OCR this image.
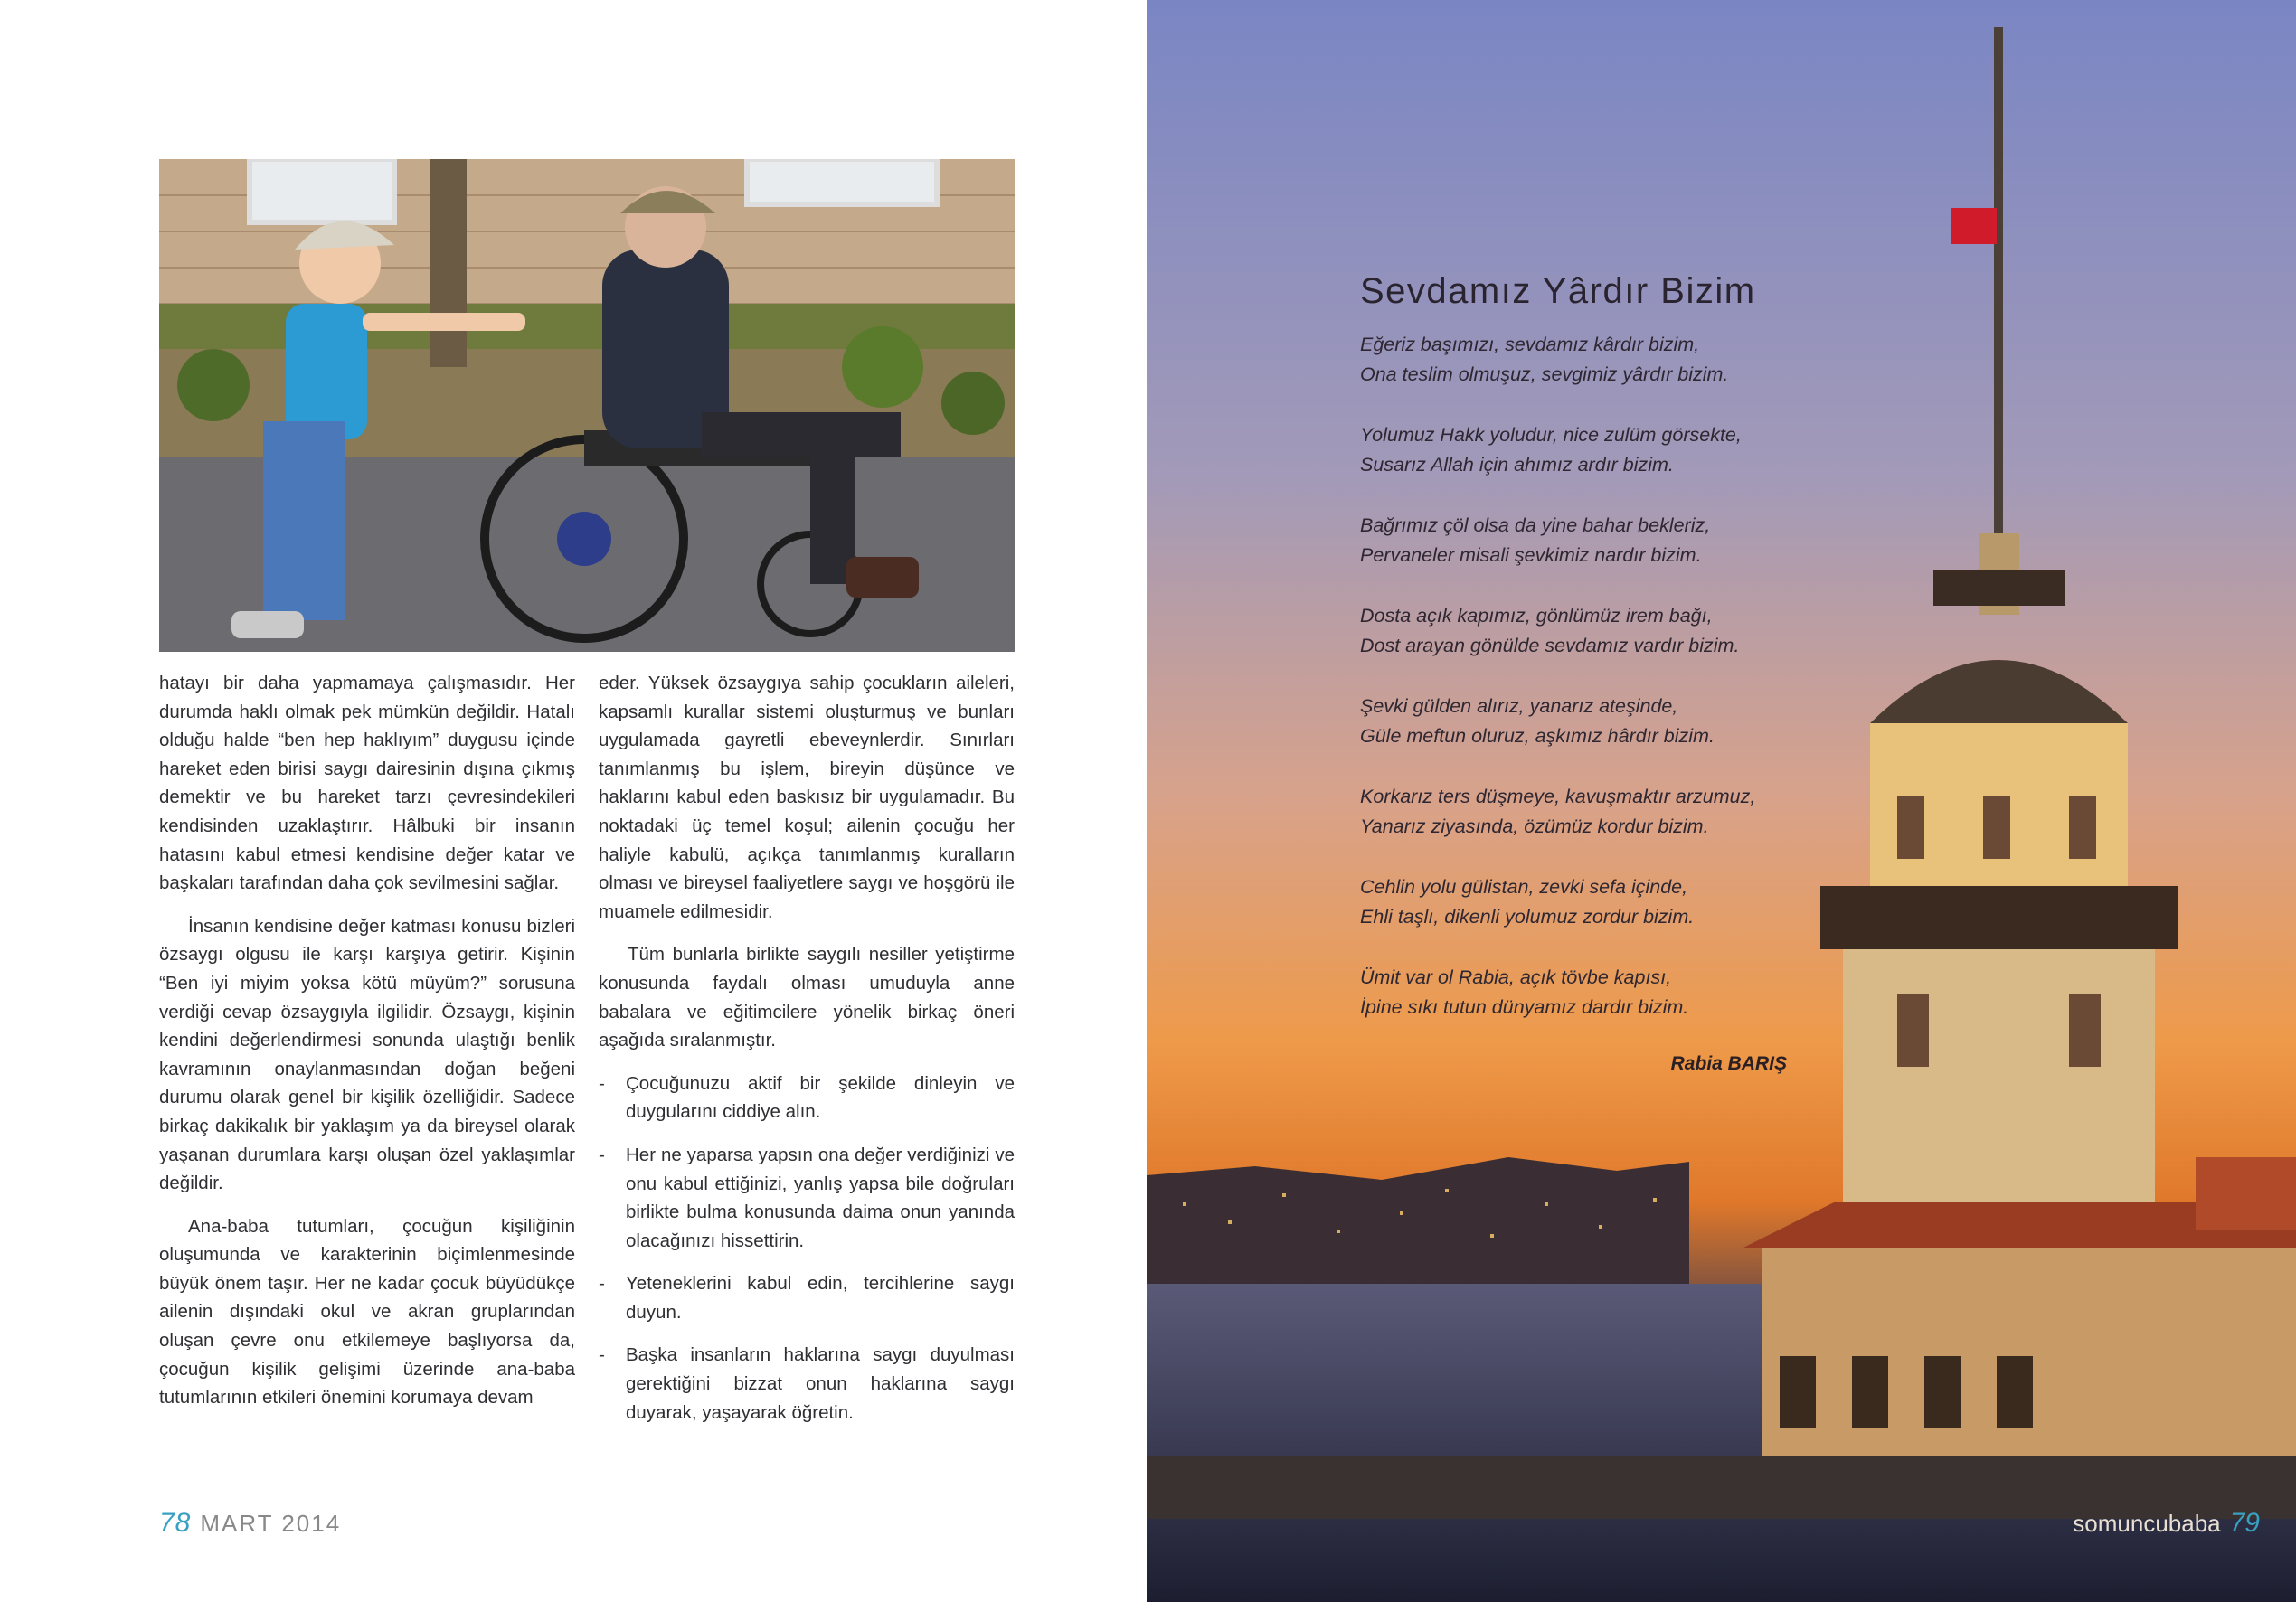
hatayı bir daha yapmamaya çalışmasıdır. Her durumda haklı olmak pek mümkün değildir. Hatalı olduğu halde “ben hep haklıyım” duygusu içinde hareket eden birisi saygı dairesinin dışına çıkmış demektir ve bu hareket tarzı çevresindekileri kendisinden uzaklaştırır. Hâlbuki bir insanın hatasını kabul etmesi kendisine değer katar ve başkaları tarafından daha çok sevilmesini sağlar.

İnsanın kendisine değer katması konusu bizleri özsaygı olgusu ile karşı karşıya getirir. Kişinin “Ben iyi miyim yoksa kötü müyüm?” sorusuna verdiği cevap özsaygıyla ilgilidir. Özsaygı, kişinin kendini değerlendirmesi sonunda ulaştığı benlik kavramının onaylanmasından doğan beğeni durumu olarak genel bir kişilik özelliğidir. Sadece birkaç dakikalık bir yaklaşım ya da bireysel olarak yaşanan durumlara karşı oluşan özel yaklaşımlar değildir.

Ana-baba tutumları, çocuğun kişiliğinin oluşumunda ve karakterinin biçimlenmesinde büyük önem taşır. Her ne kadar çocuk büyüdükçe ailenin dışındaki okul ve akran gruplarından oluşan çevre onu etkilemeye başlıyorsa da, çocuğun kişilik gelişimi üzerinde ana-baba tutumlarının etkileri önemini korumaya devam

eder. Yüksek özsaygıya sahip çocukların aileleri, kapsamlı kurallar sistemi oluşturmuş ve bunları uygulamada gayretli ebeveynlerdir. Sınırları tanımlanmış bu işlem, bireyin düşünce ve haklarını kabul eden baskısız bir uygulamadır. Bu noktadaki üç temel koşul; ailenin çocuğu her haliyle kabulü, açıkça tanımlanmış kuralların olması ve bireysel faaliyetlere saygı ve hoşgörü ile muamele edilmesidir.

Tüm bunlarla birlikte saygılı nesiller yetiştirme konusunda faydalı olması umuduyla anne babalara ve eğitimcilere yönelik birkaç öneri aşağıda sıralanmıştır.

- Çocuğunuzu aktif bir şekilde dinleyin ve duygularını ciddiye alın.
- Her ne yaparsa yapsın ona değer verdiğinizi ve onu kabul ettiğinizi, yanlış yapsa bile doğruları birlikte bulma konusunda daima onun yanında olacağınızı hissettirin.
- Yeteneklerini kabul edin, tercihlerine saygı duyun.
- Başka insanların haklarına saygı duyulması gerektiğini bizzat onun haklarına saygı duyarak, yaşayarak öğretin.
78 MART 2014	somuncubaba 79
Sevdamız Yârdır Bizim
Eğeriz başımızı, sevdamız kârdır bizim,
Ona teslim olmuşuz, sevgimiz yârdır bizim.
Yolumuz Hakk yoludur, nice zulüm görsekte,
Susarız Allah için ahımız ardır bizim.
Bağrımız çöl olsa da yine bahar bekleriz,
Pervaneler misali şevkimiz nardır bizim.
Dosta açık kapımız, gönlümüz irem bağı,
Dost arayan gönülde sevdamız vardır bizim.
Şevki gülden alırız, yanarız ateşinde,
Güle meftun oluruz, aşkımız hârdır bizim.
Korkarız ters düşmeye, kavuşmaktır arzumuz,
Yanarız ziyasında, özümüz kordur bizim.
Cehlin yolu gülistan, zevki sefa içinde,
Ehli taşlı, dikenli yolumuz zordur bizim.
Ümit var ol Rabia, açık tövbe kapısı,
İpine sıkı tutun dünyamız dardır bizim.
Rabia BARIŞ
